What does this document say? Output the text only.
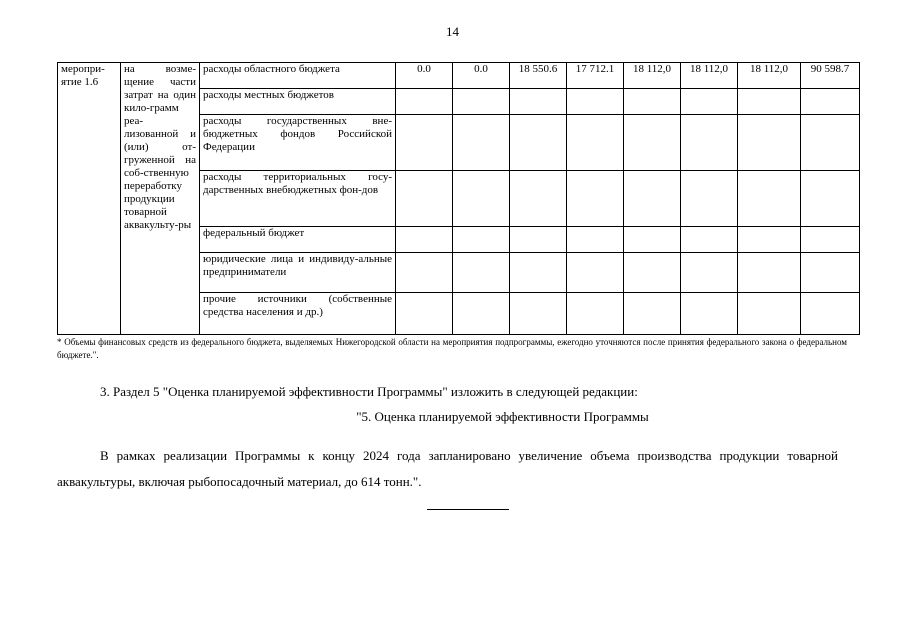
14
меропри-ятие 1.6	на возме-щение части затрат на один кило-грамм реа-лизованной и (или) от-груженной на соб-ственную переработку продукции товарной аквакульту-ры	расходы областного бюджета	0.0	0.0	18 550.6	17 712.1	18 112,0	18 112,0	18 112,0	90 598.7
		расходы местных бюджетов								
		расходы государственных вне-бюджетных фондов Российской Федерации								
		расходы территориальных госу-дарственных внебюджетных фон-дов								
		федеральный бюджет								
		юридические лица и индивиду-альные предприниматели								
		прочие источники (собственные средства населения и др.)								
* Объемы финансовых средств из федерального бюджета, выделяемых Нижегородской области на мероприятия подпрограммы, ежегодно уточняются после принятия федерального закона о федеральном бюджете.".
3. Раздел 5 "Оценка планируемой эффективности Программы" изложить в следующей редакции:
"5. Оценка планируемой эффективности Программы
В рамках реализации Программы к концу 2024 года запланировано увеличение объема производства продукции товарной аквакультуры, включая рыбопосадочный материал, до 614 тонн.".
